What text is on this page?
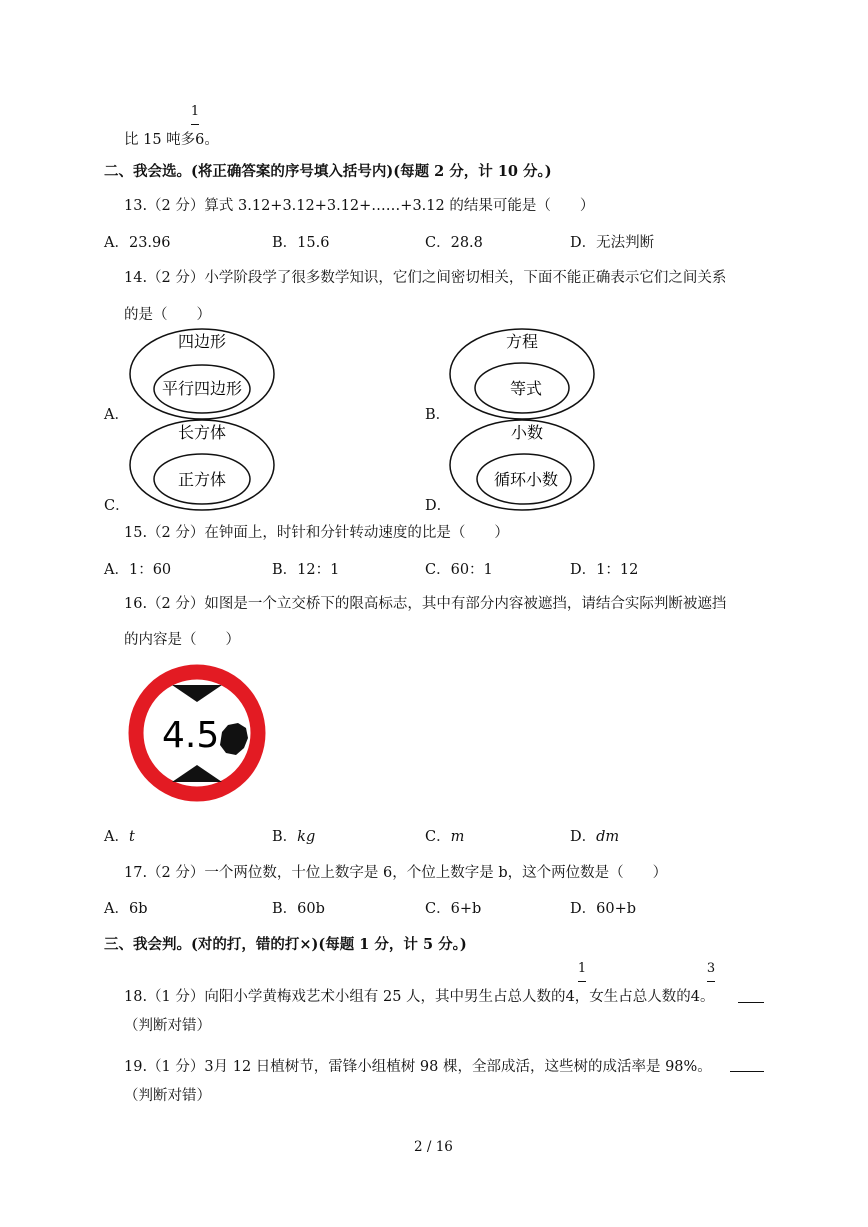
1
比 15 吨多6。
二、我会选。(将正确答案的序号填入括号内)(每题 2 分，计 10 分。)
13.（2 分）算式 3.12+3.12+3.12+……+3.12 的结果可能是（　　）
A．23.96	B．15.6	C．28.8	D．无法判断
14.（2 分）小学阶段学了很多数学知识，它们之间密切相关，下面不能正确表示它们之间关系
的是（　　）
四边形
平行四边形
方程
等式
长方体
正方体
小数
循环小数
A．	B．
C．	D．
15.（2 分）在钟面上，时针和分针转动速度的比是（　　）
A．1：60	B．12：1	C．60：1	D．1：12
16.（2 分）如图是一个立交桥下的限高标志，其中有部分内容被遮挡，请结合实际判断被遮挡
的内容是（　　）
4.5
A．t	B．kg	C．m	D．dm
17.（2 分）一个两位数，十位上数字是 6，个位上数字是 b，这个两位数是（　　）
A．6b	B．60b	C．6+b	D．60+b
三、我会判。(对的打，错的打×)(每题 1 分，计 5 分。)
1	3
18.（1 分）向阳小学黄梅戏艺术小组有 25 人，其中男生占总人数的4，女生占总人数的4。
（判断对错）
19.（1 分）3月 12 日植树节，雷锋小组植树 98 棵，全部成活，这些树的成活率是 98%。
（判断对错）
2 / 16
